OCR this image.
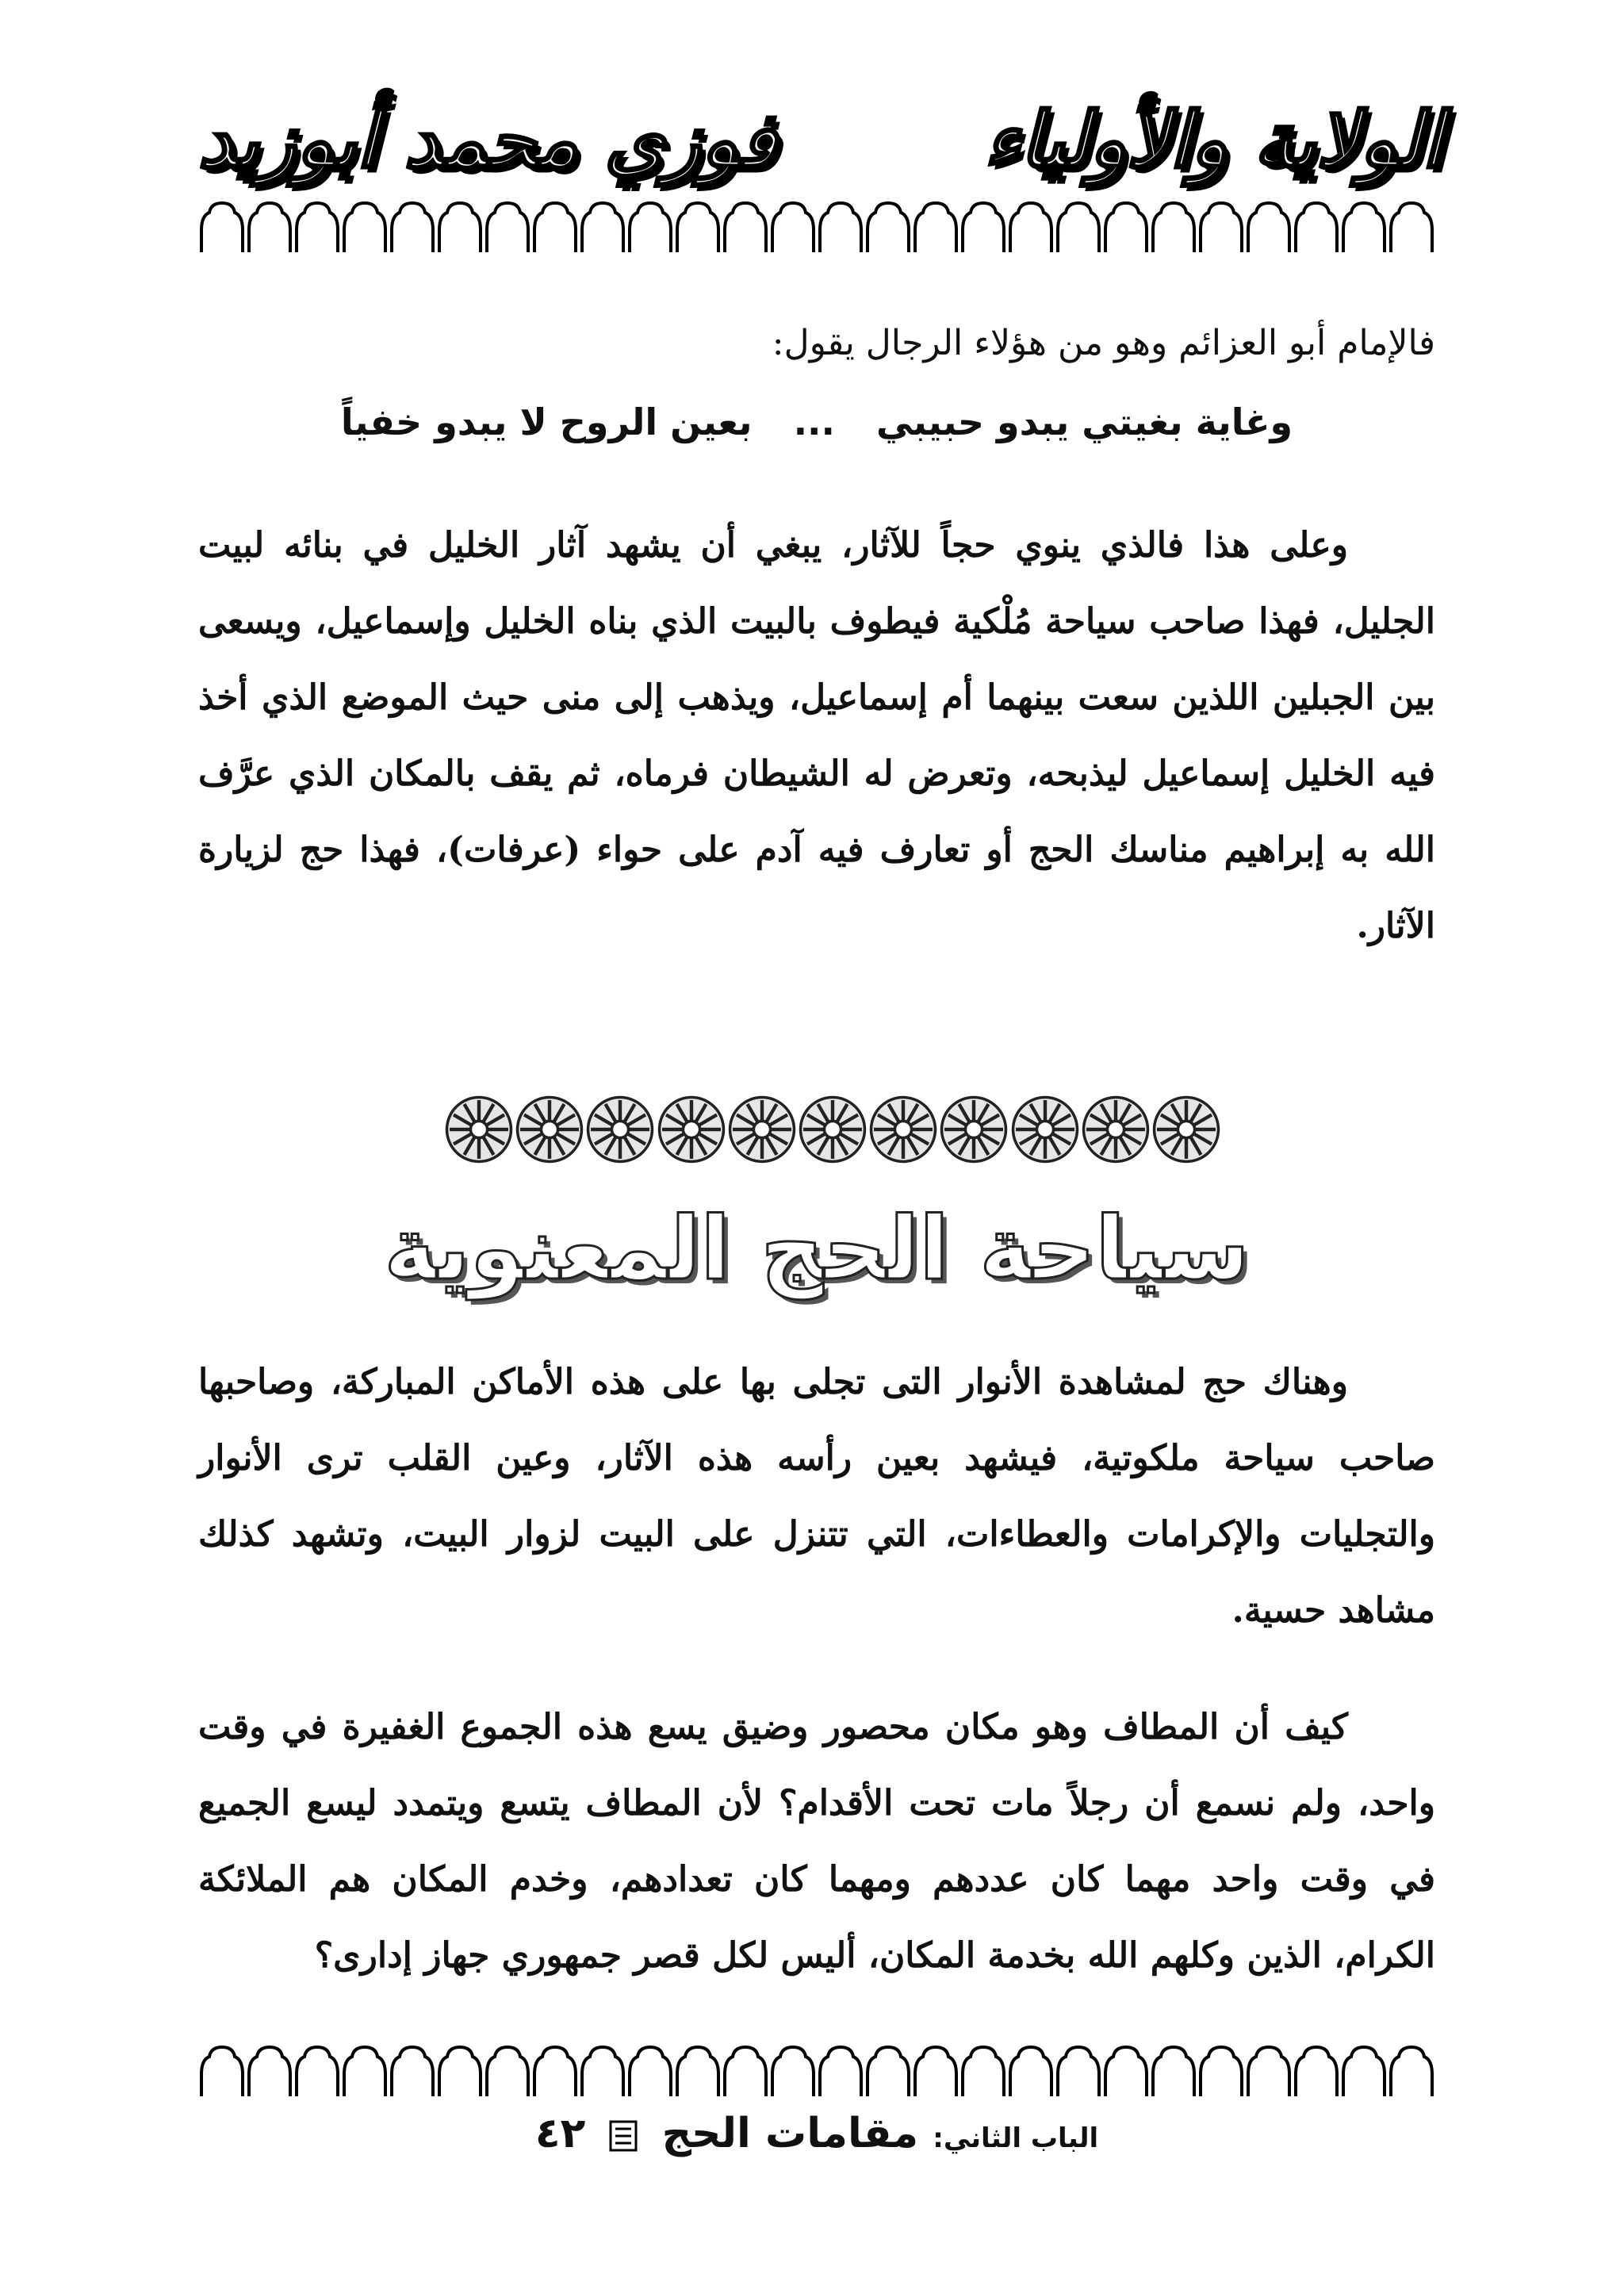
الولاية والأولياء
فوزي محمد أبوزيد
فالإمام أبو العزائم وهو من هؤلاء الرجال يقول:
وغاية بغيتي يبدو حبيبي ... بعين الروح لا يبدو خفياً

وعلى هذا فالذي ينوي حجاً للآثار، يبغي أن يشهد آثار الخليل في بنائه لبيت الجليل، فهذا صاحب سياحة مُلْكية فيطوف بالبيت الذي بناه الخليل وإسماعيل، ويسعى بين الجبلين اللذين سعت بينهما أم إسماعيل، ويذهب إلى منى حيث الموضع الذي أخذ فيه الخليل إسماعيل ليذبحه، وتعرض له الشيطان فرماه، ثم يقف بالمكان الذي عرَّف الله به إبراهيم مناسك الحج أو تعارف فيه آدم على حواء (عرفات)، فهذا حج لزيارة الآثار.

سياحة الحج المعنوية

وهناك حج لمشاهدة الأنوار التى تجلى بها على هذه الأماكن المباركة، وصاحبها صاحب سياحة ملكوتية، فيشهد بعين رأسه هذه الآثار، وعين القلب ترى الأنوار والتجليات والإكرامات والعطاءات، التي تتنزل على البيت لزوار البيت، وتشهد كذلك مشاهد حسية.

كيف أن المطاف وهو مكان محصور وضيق يسع هذه الجموع الغفيرة في وقت واحد، ولم نسمع أن رجلاً مات تحت الأقدام؟ لأن المطاف يتسع ويتمدد ليسع الجميع في وقت واحد مهما كان عددهم ومهما كان تعدادهم، وخدم المكان هم الملائكة الكرام، الذين وكلهم الله بخدمة المكان، أليس لكل قصر جمهوري جهاز إدارى؟

الباب الثاني: مقامات الحج  ٤٢
